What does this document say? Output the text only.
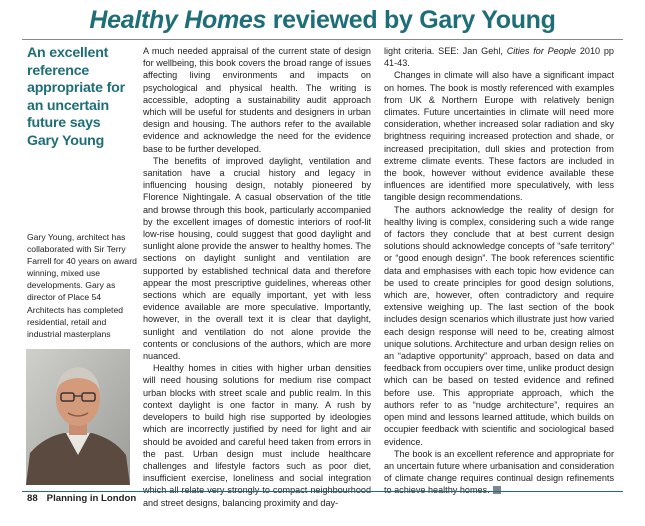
Healthy Homes reviewed by Gary Young

An excellent reference appropriate for an uncertain future says Gary Young

Gary Young, architect has collaborated with Sir Terry Farrell for 40 years on award winning, mixed use developments. Gary as director of Place 54 Architects has completed residential, retail and industrial masterplans

A much needed appraisal of the current state of design for wellbeing, this book covers the broad range of issues affecting living environments and impacts on psychological and physical health. The writing is accessible, adopting a sustainability audit approach which will be useful for students and designers in urban design and housing. The authors refer to the available evidence and acknowledge the need for the evidence base to be further developed.

The benefits of improved daylight, ventilation and sanitation have a crucial history and legacy in influencing housing design, notably pioneered by Florence Nightingale. A casual observation of the title and browse through this book, particularly accompanied by the excellent images of domestic interiors of roof-lit low-rise housing, could suggest that good daylight and sunlight alone provide the answer to healthy homes. The sections on daylight sunlight and ventilation are supported by established technical data and therefore appear the most prescriptive guidelines, whereas other sections which are equally important, yet with less evidence available are more speculative. Importantly, however, in the overall text it is clear that daylight, sunlight and ventilation do not alone provide the contents or conclusions of the authors, which are more nuanced.

Healthy homes in cities with higher urban densities will need housing solutions for medium rise compact urban blocks with street scale and public realm. In this context daylight is one factor in many. A rush by developers to build high rise supported by ideologies which are incorrectly justified by need for light and air should be avoided and careful heed taken from errors in the past. Urban design must include healthcare challenges and lifestyle factors such as poor diet, insufficient exercise, loneliness and social integration and street designs, balancing proximity and day-

light criteria. SEE: Jan Gehl, Cities for People 2010 pp 41-43.

Changes in climate will also have a significant impact on homes. The book is mostly referenced with examples from UK & Northern Europe with relatively benign climates. Future uncertainties in climate will need more consideration, whether increased solar radiation and sky brightness requiring increased protection and shade, or increased precipitation, dull skies and protection from extreme climate events. These factors are included in the book, however without evidence available these influences are identified more speculatively, with less tangible design recommendations.

The authors acknowledge the reality of design for healthy living is complex, considering such a wide range of factors they conclude that at best current design solutions should acknowledge concepts of “safe territory” or “good enough design”. The book references scientific data and emphasises with each topic how evidence can be used to create principles for good design solutions, which are, however, often contradictory and require extensive weighing up. The last section of the book includes design scenarios which illustrate just how varied each design response will need to be, creating almost unique solutions. Architecture and urban design relies on an “adaptive opportunity” approach, based on data and feedback from occupiers over time, unlike product design which can be based on tested evidence and refined before use. This appropriate approach, which the authors refer to as “nudge architecture”, requires an open mind and lessons learned attitude, which builds on occupier feedback with scientific and sociological based evidence.

The book is an excellent reference and appropriate for an uncertain future where urbanisation and consideration of climate change requires continual design refinements

88 Planning in London
